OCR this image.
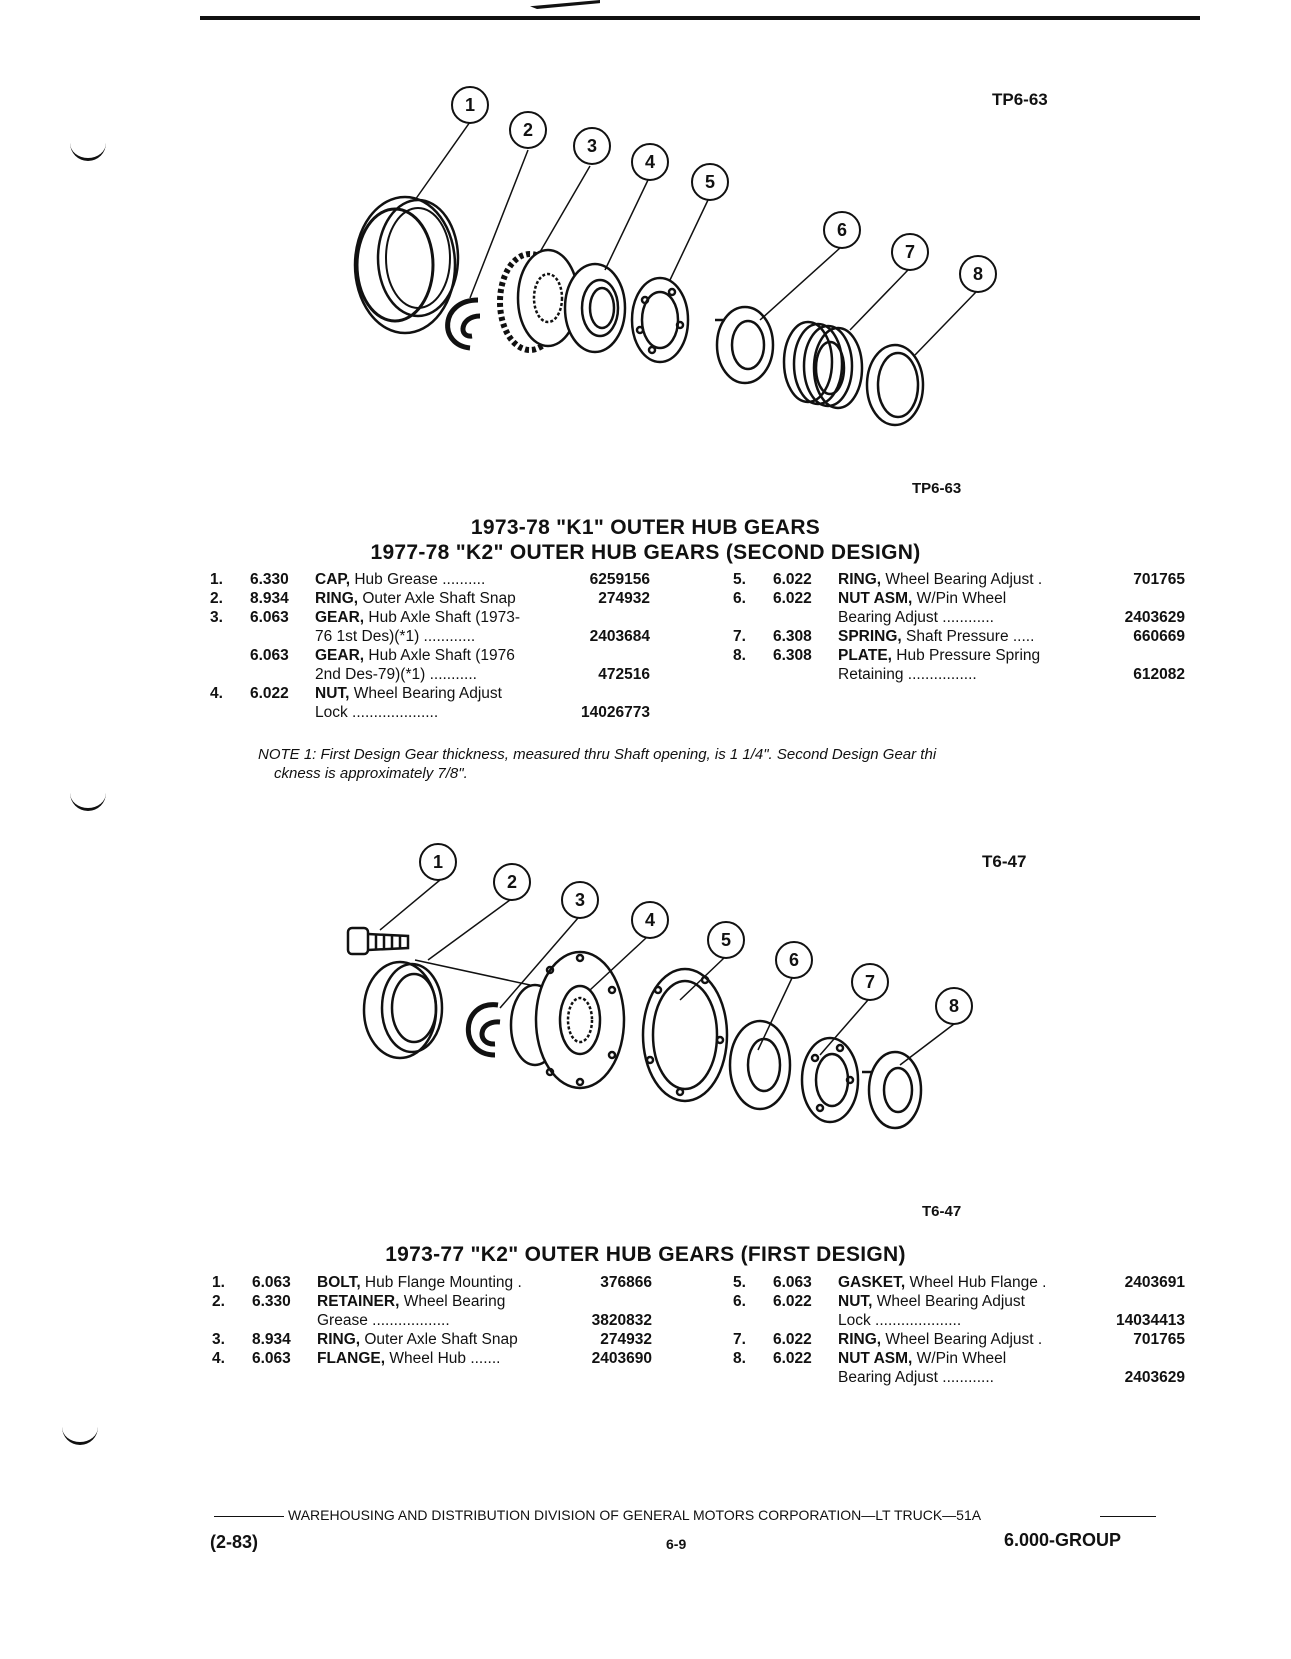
TP6-63
1
2
3
4
5
6
7
8
TP6-63
1973-78 "K1" OUTER HUB GEARS
1977-78 "K2" OUTER HUB GEARS (SECOND DESIGN)
1. 6.330 CAP, Hub Grease ..........	6259156
2. 8.934 RING, Outer Axle Shaft Snap	274932
3. 6.063 GEAR, Hub Axle Shaft (1973-
76 1st Des)(*1) ............	2403684
6.063 GEAR, Hub Axle Shaft (1976
2nd Des-79)(*1) ...........	472516
4. 6.022 NUT, Wheel Bearing Adjust
Lock ....................	14026773
5. 6.022 RING, Wheel Bearing Adjust .	701765
6. 6.022 NUT ASM, W/Pin Wheel
Bearing Adjust ............	2403629
7. 6.308 SPRING, Shaft Pressure .....	660669
8. 6.308 PLATE, Hub Pressure Spring
Retaining ................	612082
NOTE 1: First Design Gear thickness, measured thru Shaft opening, is 1 1/4". Second Design Gear thi
ckness is approximately 7/8".
T6-47
1
2
3
4
5
6
7
8
T6-47
1973-77 "K2" OUTER HUB GEARS (FIRST DESIGN)
1. 6.063 BOLT, Hub Flange Mounting .	376866
2. 6.330 RETAINER, Wheel Bearing
Grease ..................	3820832
3. 8.934 RING, Outer Axle Shaft Snap	274932
4. 6.063 FLANGE, Wheel Hub .......	2403690
5. 6.063 GASKET, Wheel Hub Flange .	2403691
6. 6.022 NUT, Wheel Bearing Adjust
Lock ....................	14034413
7. 6.022 RING, Wheel Bearing Adjust .	701765
8. 6.022 NUT ASM, W/Pin Wheel
Bearing Adjust ............	2403629
WAREHOUSING AND DISTRIBUTION DIVISION OF GENERAL MOTORS CORPORATION—LT TRUCK—51A
(2-83)	6-9	6.000-GROUP
